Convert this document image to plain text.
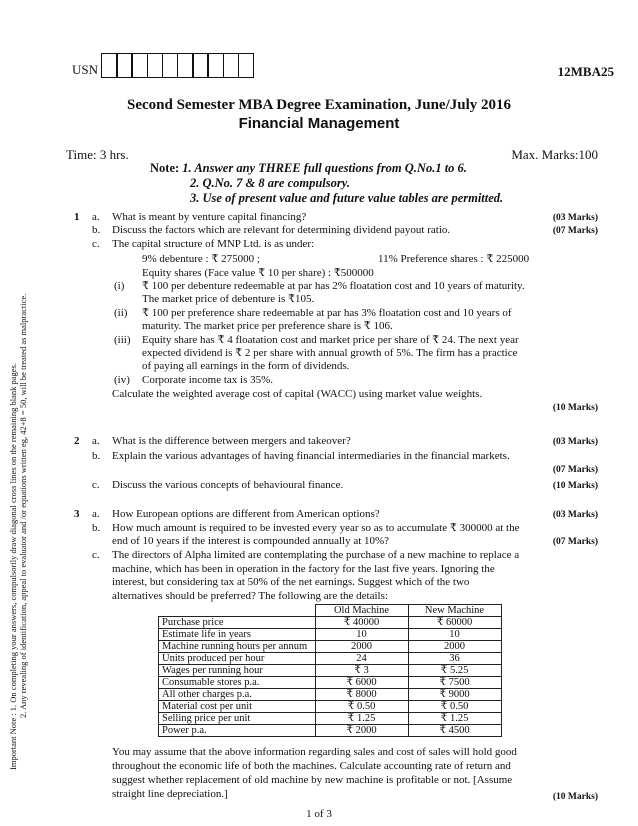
USN	12MBA25
Second Semester MBA Degree Examination, June/July 2016
Financial Management
Time: 3 hrs.	Max. Marks:100
Note: 1. Answer any THREE full questions from Q.No.1 to 6.
2. Q.No. 7 & 8 are compulsory.
3. Use of present value and future value tables are permitted.
Important Note : 1. On completing your answers, compulsorily draw diagonal cross lines on the remaining blank pages. 2. Any revealing of identification, appeal to evaluator and /or equations written eg, 42+8 = 50, will be treated as malpractice.
1 a. What is meant by venture capital financing?	(03 Marks)
b. Discuss the factors which are relevant for determining dividend payout ratio.	(07 Marks)
c. The capital structure of MNP Ltd. is as under:
9% debenture : ₹ 275000 ;	11% Preference shares : ₹ 225000
Equity shares (Face value ₹ 10 per share) : ₹500000
(i) ₹ 100 per debenture redeemable at par has 2% floatation cost and 10 years of maturity.
The market price of debenture is ₹105.
(ii) ₹ 100 per preference share redeemable at par has 3% floatation cost and 10 years of
maturity. The market price per preference share is ₹ 106.
(iii) Equity share has ₹ 4 floatation cost and market price per share of ₹ 24. The next year
expected dividend is ₹ 2 per share with annual growth of 5%. The firm has a practice
of paying all earnings in the form of dividends.
(iv) Corporate income tax is 35%.
Calculate the weighted average cost of capital (WACC) using market value weights.
(10 Marks)
2 a. What is the difference between mergers and takeover?	(03 Marks)
b. Explain the various advantages of having financial intermediaries in the financial markets.
(07 Marks)
c. Discuss the various concepts of behavioural finance.	(10 Marks)
3 a. How European options are different from American options?	(03 Marks)
b. How much amount is required to be invested every year so as to accumulate ₹ 300000 at the
end of 10 years if the interest is compounded annually at 10%?	(07 Marks)
c. The directors of Alpha limited are contemplating the purchase of a new machine to replace a
machine, which has been in operation in the factory for the last five years. Ignoring the
interest, but considering tax at 50% of the net earnings. Suggest which of the two
alternatives should be preferred? The following are the details:
	Old Machine	New Machine
Purchase price	₹ 40000	₹ 60000
Estimate life in years	10	10
Machine running hours per annum	2000	2000
Units produced per hour	24	36
Wages per running hour	₹ 3	₹ 5.25
Consumable stores p.a.	₹ 6000	₹ 7500
All other charges p.a.	₹ 8000	₹ 9000
Material cost per unit	₹ 0.50	₹ 0.50
Selling price per unit	₹ 1.25	₹ 1.25
Power p.a.	₹ 2000	₹ 4500
You may assume that the above information regarding sales and cost of sales will hold good
throughout the economic life of both the machines. Calculate accounting rate of return and
suggest whether replacement of old machine by new machine is profitable or not. [Assume
straight line depreciation.]	(10 Marks)
1 of 3
